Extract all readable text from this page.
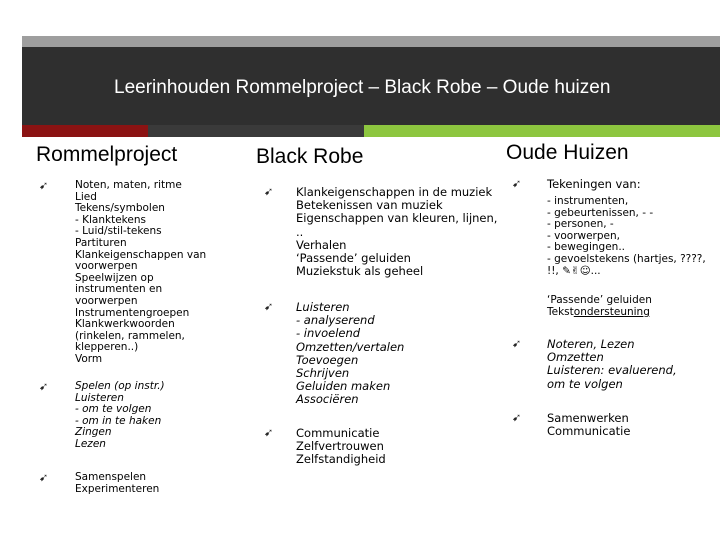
Leerinhouden Rommelproject – Black Robe – Oude huizen
Rommelproject
➹	Noten, maten, ritme
Lied
Tekens/symbolen
- Klanktekens
- Luid/stil-tekens
Partituren
Klankeigenschappen van voorwerpen
Speelwijzen op instrumenten en voorwerpen
Instrumentengroepen
Klankwerkwoorden (rinkelen, rammelen, klepperen..)
Vorm
➹	Spelen (op instr.)
Luisteren
- om te volgen
- om in te haken
Zingen
Lezen
➹	Samenspelen
Experimenteren
Black Robe
➹ Klankeigenschappen in de muziek
Betekenissen van muziek
Eigenschappen van kleuren, lijnen, ..
Verhalen
‘Passende’ geluiden
Muziekstuk als geheel
➹ Luisteren
- analyserend
- invoelend
Omzetten/vertalen
Toevoegen
Schrijven
Geluiden maken
Associëren
➹ Communicatie
Zelfvertrouwen
Zelfstandigheid
Oude Huizen
➹ Tekeningen van:
- instrumenten,
- gebeurtenissen, - -
- personen, -
- voorwerpen,
- bewegingen..
- gevoelstekens (hartjes, ????, !!, ✎✌☺...
‘Passende’ geluiden
Tekstondersteuning
➹ Noteren, Lezen
Omzetten
Luisteren: evaluerend, om te volgen
➹ Samenwerken
Communicatie
